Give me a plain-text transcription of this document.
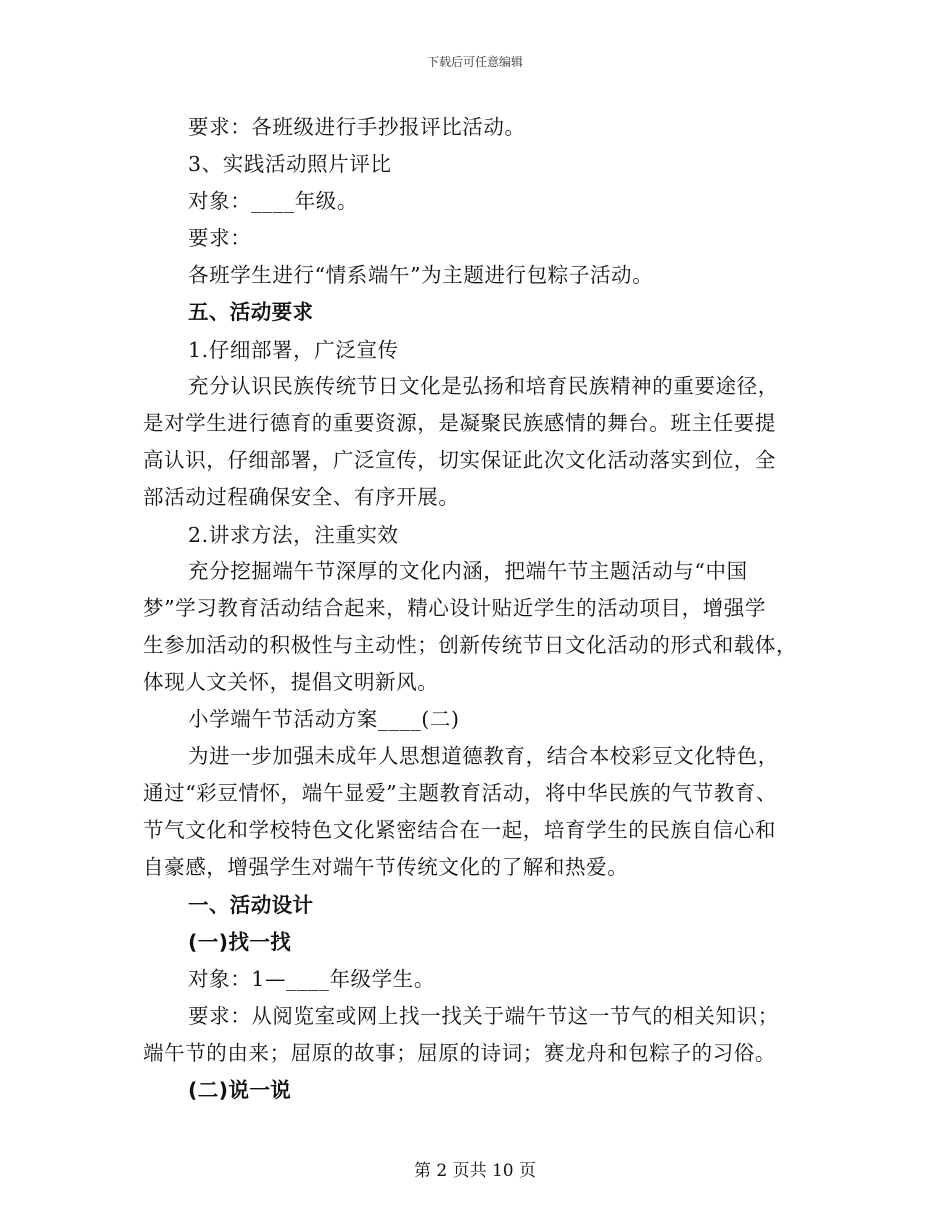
下载后可任意编辑
要求：各班级进行手抄报评比活动。
3、实践活动照片评比
对象：____年级。
要求：
各班学生进行“情系端午”为主题进行包粽子活动。
五、活动要求
1.仔细部署，广泛宣传
充分认识民族传统节日文化是弘扬和培育民族精神的重要途径，
是对学生进行德育的重要资源，是凝聚民族感情的舞台。班主任要提
高认识，仔细部署，广泛宣传，切实保证此次文化活动落实到位，全
部活动过程确保安全、有序开展。
2.讲求方法，注重实效
充分挖掘端午节深厚的文化内涵，把端午节主题活动与“中国
梦”学习教育活动结合起来，精心设计贴近学生的活动项目，增强学
生参加活动的积极性与主动性；创新传统节日文化活动的形式和载体，
体现人文关怀，提倡文明新风。
小学端午节活动方案____(二)
为进一步加强未成年人思想道德教育，结合本校彩豆文化特色，
通过“彩豆情怀，端午显爱”主题教育活动，将中华民族的气节教育、
节气文化和学校特色文化紧密结合在一起，培育学生的民族自信心和
自豪感，增强学生对端午节传统文化的了解和热爱。
一、活动设计
(一)找一找
对象：1—____年级学生。
要求：从阅览室或网上找一找关于端午节这一节气的相关知识；
端午节的由来；屈原的故事；屈原的诗词；赛龙舟和包粽子的习俗。
(二)说一说
第 2 页共 10 页
